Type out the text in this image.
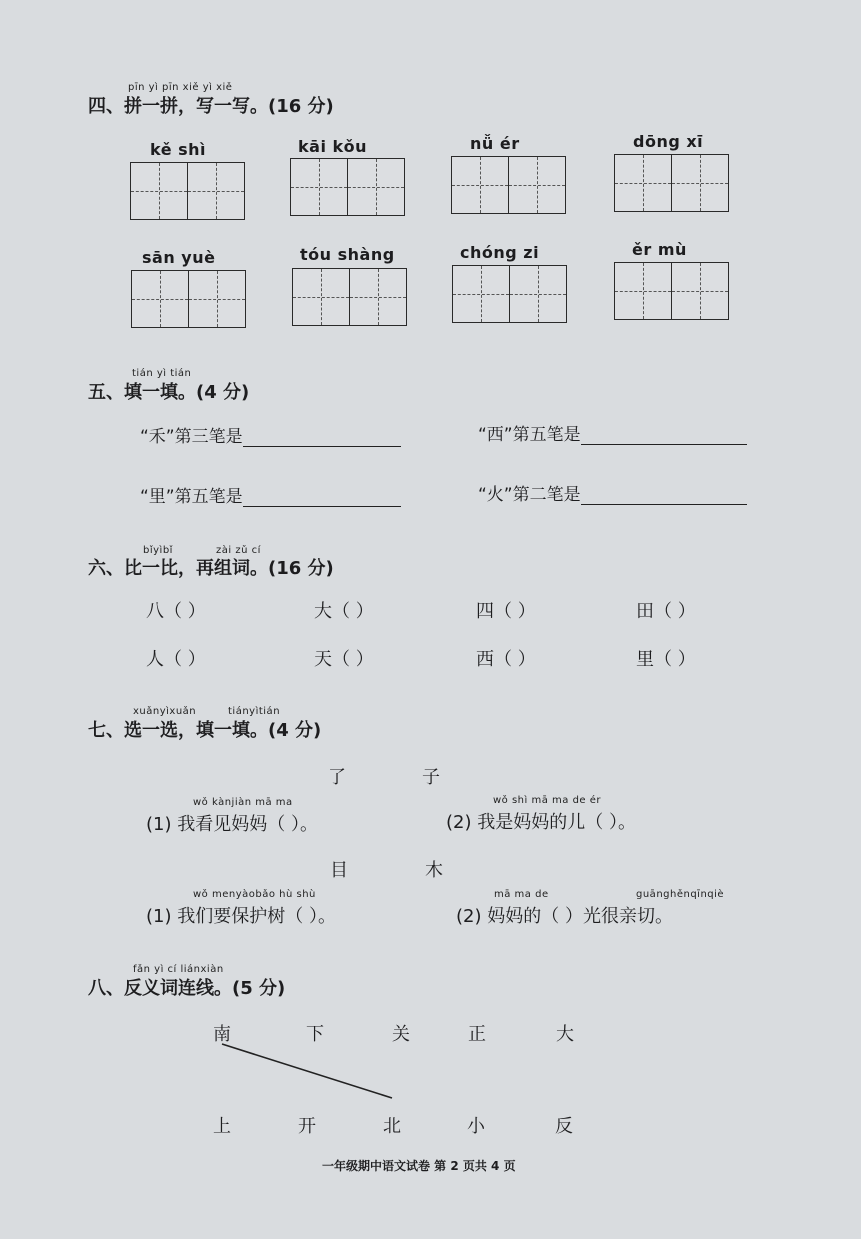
pīn yì pīn xiě yì xiě
四、拼一拼，写一写。(16 分)
kě shì	kāi kǒu	nǚ ér	dōng xī
sān yuè	tóu shàng	chóng zi	ěr mù
tián yì tián
五、填一填。(4 分)
“禾”第三笔是	“西”第五笔是
“里”第五笔是	“火”第二笔是
bǐyìbǐ	zài zǔ cí
六、比一比，再组词。(16 分)
八（ ）	大（ ）	四（ ）	田（ ）
人（ ）	天（ ）	西（ ）	里（ ）
xuǎnyìxuǎn	tiányìtián
七、选一选，填一填。(4 分)
了	子
wǒ kànjiàn mā ma
(1) 我看见妈妈（ ）。
wǒ shì mā ma de ér
(2) 我是妈妈的儿（ ）。
目	木
wǒ menyàobǎo hù shù
(1) 我们要保护树（ ）。
mā ma de	guānghěnqīnqiè
(2) 妈妈的（ ）光很亲切。
fǎn yì cí liánxiàn
八、反义词连线。(5 分)
南	下	关	正	大
上	开	北	小	反
一年级期中语文试卷 第 2 页共 4 页
